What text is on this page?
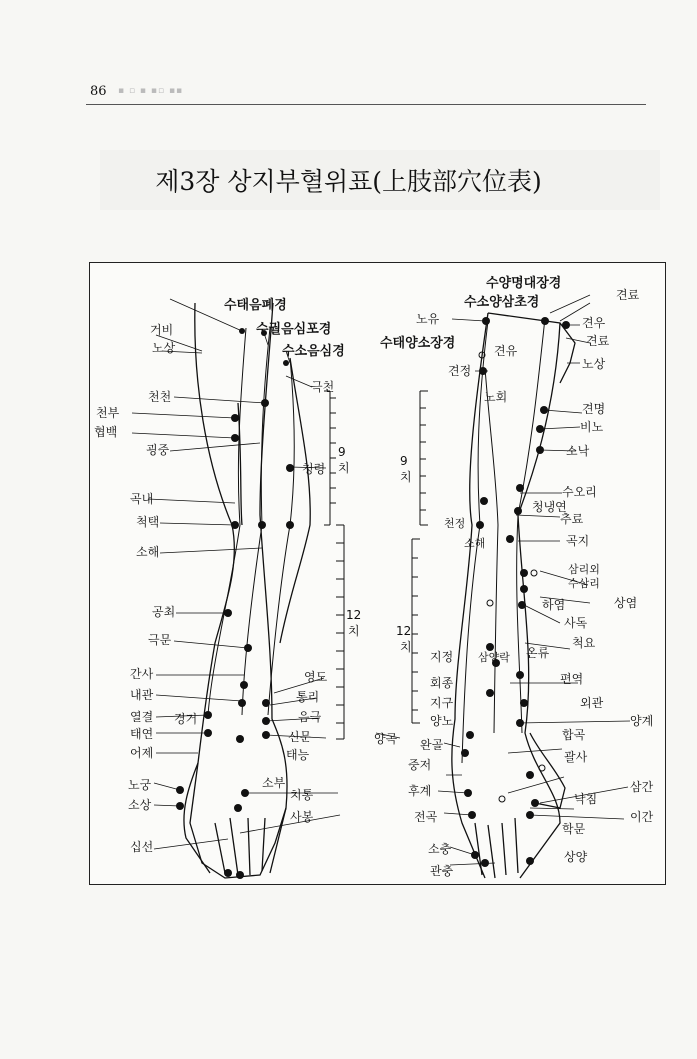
86 ▪ ▫ ▪ ▪▫ ▪▪
제3장 상지부혈위표(上肢部穴位表)
수태음폐경
수궐음심포경
수소음심경
거비
노상
천천
천부
협백
굉중
곡내
척택
소해
공최
극문
간사
내관
열결 경거
태연
어제
노궁
소상
십선
극천
청령
영도
통리
음극
신문
태능
소부
치통
사봉
9
치
12
치
수양명대장경
수소양삼초경
수태양소장경
노유
견료
견우
견료
견유
노상
견정
노회
견명
비노
소낙
수오리
청냉연
추료
천정
소해	곡지
삼리외
수삼리
상염
하염
사독
척요
지정 삼양락 온류
회종	편역
지구	외관
양노
양곡
양계
완골
합곡
중저
괄사
후계	삼간
낙침
전곡	이간
학문
소충
상양
관충
9
치
12
치
